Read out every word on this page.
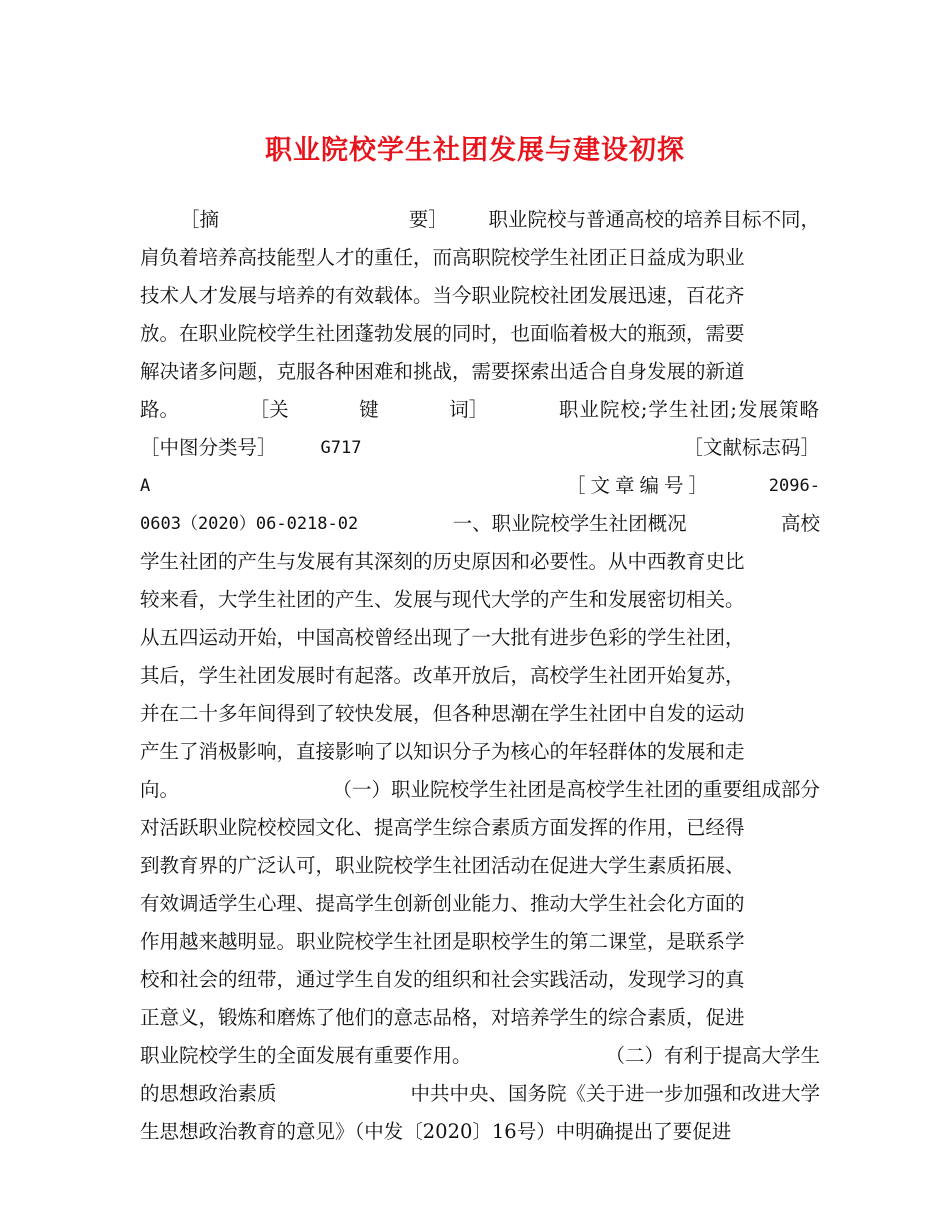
职业院校学生社团发展与建设初探
［摘	要］ 职业院校与普通高校的培养目标不同，
肩负着培养高技能型人才的重任，而高职院校学生社团正日益成为职业
技术人才发展与培养的有效载体。当今职业院校社团发展迅速，百花齐
放。在职业院校学生社团蓬勃发展的同时，也面临着极大的瓶颈，需要
解决诸多问题，克服各种困难和挑战，需要探索出适合自身发展的新道
路。	［关	键	词］	职业院校;学生社团;发展策略
［中图分类号］	G717	［文献标志码］
A	［文章编号］	2096-
0603（2020）06-0218-02	一、职业院校学生社团概况	高校
学生社团的产生与发展有其深刻的历史原因和必要性。从中西教育史比
较来看，大学生社团的产生、发展与现代大学的产生和发展密切相关。
从五四运动开始，中国高校曾经出现了一大批有进步色彩的学生社团，
其后，学生社团发展时有起落。改革开放后，高校学生社团开始复苏，
并在二十多年间得到了较快发展，但各种思潮在学生社团中自发的运动
产生了消极影响，直接影响了以知识分子为核心的年轻群体的发展和走
向。	（一）职业院校学生社团是高校学生社团的重要组成部分
对活跃职业院校校园文化、提高学生综合素质方面发挥的作用，已经得
到教育界的广泛认可，职业院校学生社团活动在促进大学生素质拓展、
有效调适学生心理、提高学生创新创业能力、推动大学生社会化方面的
作用越来越明显。职业院校学生社团是职校学生的第二课堂，是联系学
校和社会的纽带，通过学生自发的组织和社会实践活动，发现学习的真
正意义，锻炼和磨炼了他们的意志品格，对培养学生的综合素质，促进
职业院校学生的全面发展有重要作用。	（二）有利于提高大学生
的思想政治素质	中共中央、国务院《关于进一步加强和改进大学
生思想政治教育的意见》（中发〔2020〕16号）中明确提出了要促进
